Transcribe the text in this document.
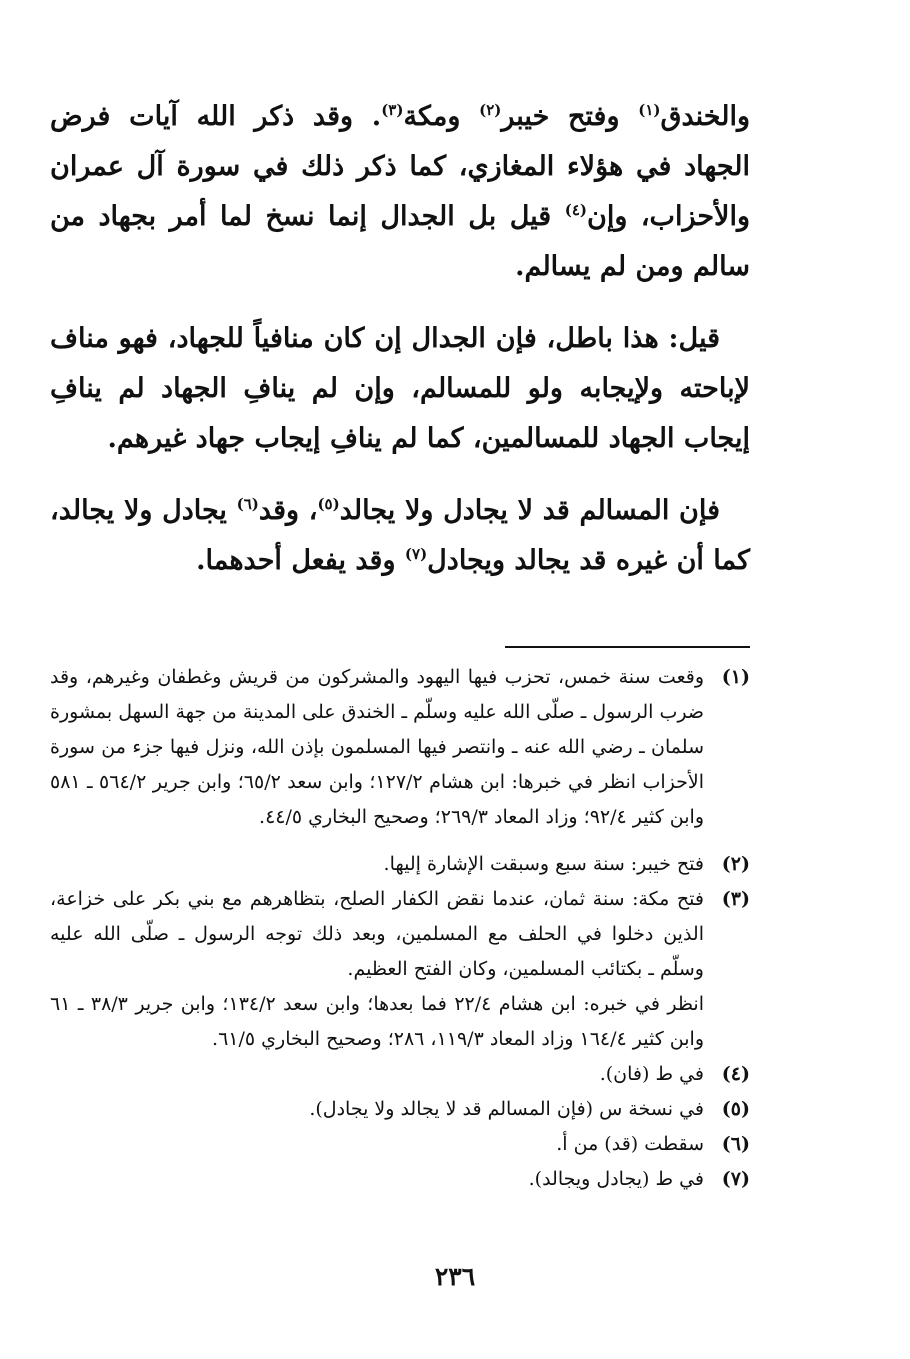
والخندق$^{(١)}$ وفتح خيبر$^{(٢)}$ ومكة$^{(٣)}$. وقد ذكر الله آيات فرض الجهاد في هؤلاء المغازي، كما ذكر ذلك في سورة آل عمران والأحزاب، وإن$^{(٤)}$ قيل بل الجدال إنما نسخ لما أمر بجهاد من سالم ومن لم يسالم.

قيل: هذا باطل، فإن الجدال إن كان منافياً للجهاد، فهو مناف لإباحته ولإيجابه ولو للمسالم، وإن لم ينافِ الجهاد لم ينافِ إيجاب الجهاد للمسالمين، كما لم ينافِ إيجاب جهاد غيرهم.

فإن المسالم قد لا يجادل ولا يجالد$^{(٥)}$، وقد$^{(٦)}$ يجادل ولا يجالد، كما أن غيره قد يجالد ويجادل$^{(٧)}$ وقد يفعل أحدهما.

(١)
وقعت سنة خمس، تحزب فيها اليهود والمشركون من قريش وغطفان وغيرهم، وقد ضرب الرسول ـ صلّى الله عليه وسلّم ـ الخندق على المدينة من جهة السهل بمشورة سلمان ـ رضي الله عنه ـ وانتصر فيها المسلمون بإذن الله، ونزل فيها جزء من سورة الأحزاب انظر في خبرها: ابن هشام ١٢٧/٢؛ وابن سعد ٦٥/٢؛ وابن جرير ٥٦٤/٢ ـ ٥٨١ وابن كثير ٩٢/٤؛ وزاد المعاد ٢٦٩/٣؛ وصحيح البخاري ٤٤/٥.
(٢)
فتح خيبر: سنة سبع وسبقت الإشارة إليها.
(٣)
فتح مكة: سنة ثمان، عندما نقض الكفار الصلح، بتظاهرهم مع بني بكر على خزاعة، الذين دخلوا في الحلف مع المسلمين، وبعد ذلك توجه الرسول ـ صلّى الله عليه وسلّم ـ بكتائب المسلمين، وكان الفتح العظيم.
انظر في خبره: ابن هشام ٢٢/٤ فما بعدها؛ وابن سعد ١٣٤/٢؛ وابن جرير ٣٨/٣ ـ ٦١ وابن كثير ١٦٤/٤ وزاد المعاد ١١٩/٣، ٢٨٦؛ وصحيح البخاري ٦١/٥.
(٤)
في ط (فان).
(٥)
في نسخة س (فإن المسالم قد لا يجالد ولا يجادل).
(٦)
سقطت (قد) من أ.
(٧)
في ط (يجادل ويجالد).
٢٣٦
